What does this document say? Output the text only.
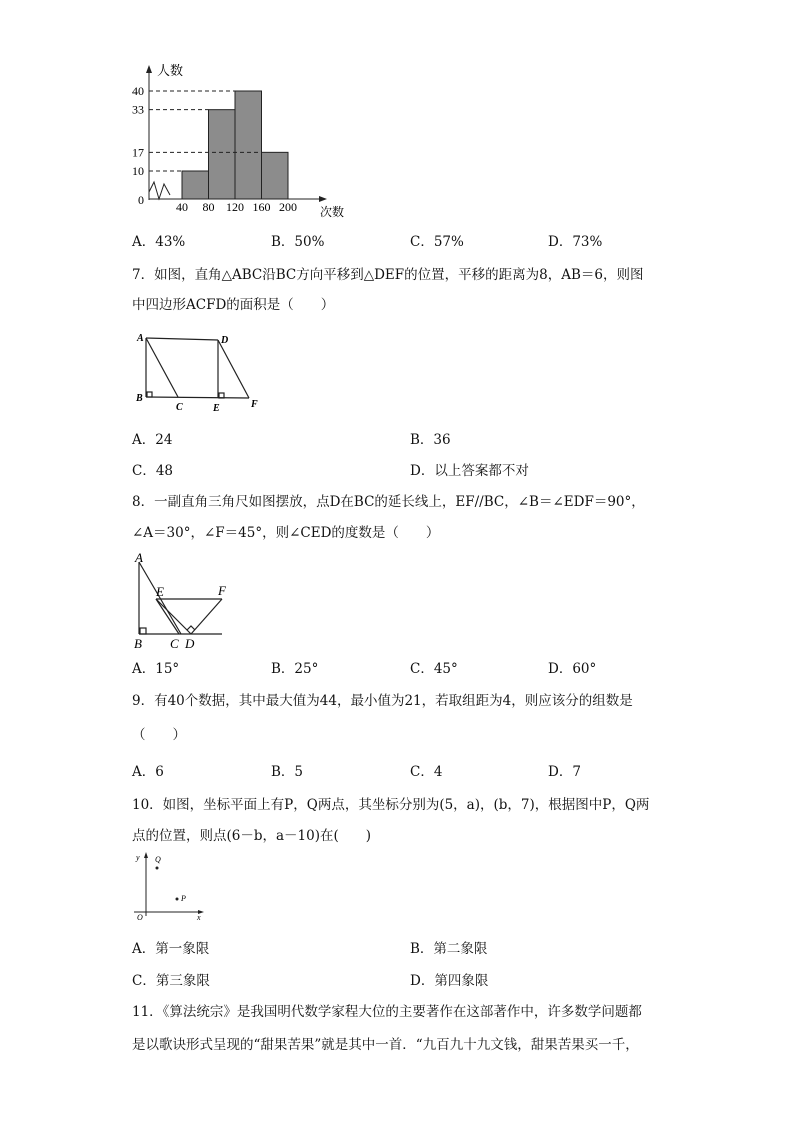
40
33
17
10
40 80 120 160 200
人数
次数
0
A．43%	B．50%	C．57%	D．73%
7．如图，直角△ABC沿BC方向平移到△DEF的位置，平移的距离为8，AB＝6，则图
中四边形ACFD的面积是（　　）
A	D
B
C	E	F
A．24	B．36
C．48	D．以上答案都不对
8．一副直角三角尺如图摆放，点D在BC的延长线上，EF//BC，∠B＝∠EDF＝90°，
∠A＝30°，∠F＝45°，则∠CED的度数是（　　）
A
E	F
B C D
A．15°	B．25°	C．45°	D．60°
9．有40个数据，其中最大值为44，最小值为21，若取组距为4，则应该分的组数是
（　　）
A．6	B．5	C．4	D．7
10．如图，坐标平面上有P，Q两点，其坐标分别为(5，a)，(b，7)，根据图中P，Q两
点的位置，则点(6－b，a－10)在(　　)
y Q
P
O	x
A．第一象限	B．第二象限
C．第三象限	D．第四象限
11．《算法统宗》是我国明代数学家程大位的主要著作在这部著作中，许多数学问题都
是以歌诀形式呈现的“甜果苦果”就是其中一首．“九百九十九文钱，甜果苦果买一千，
